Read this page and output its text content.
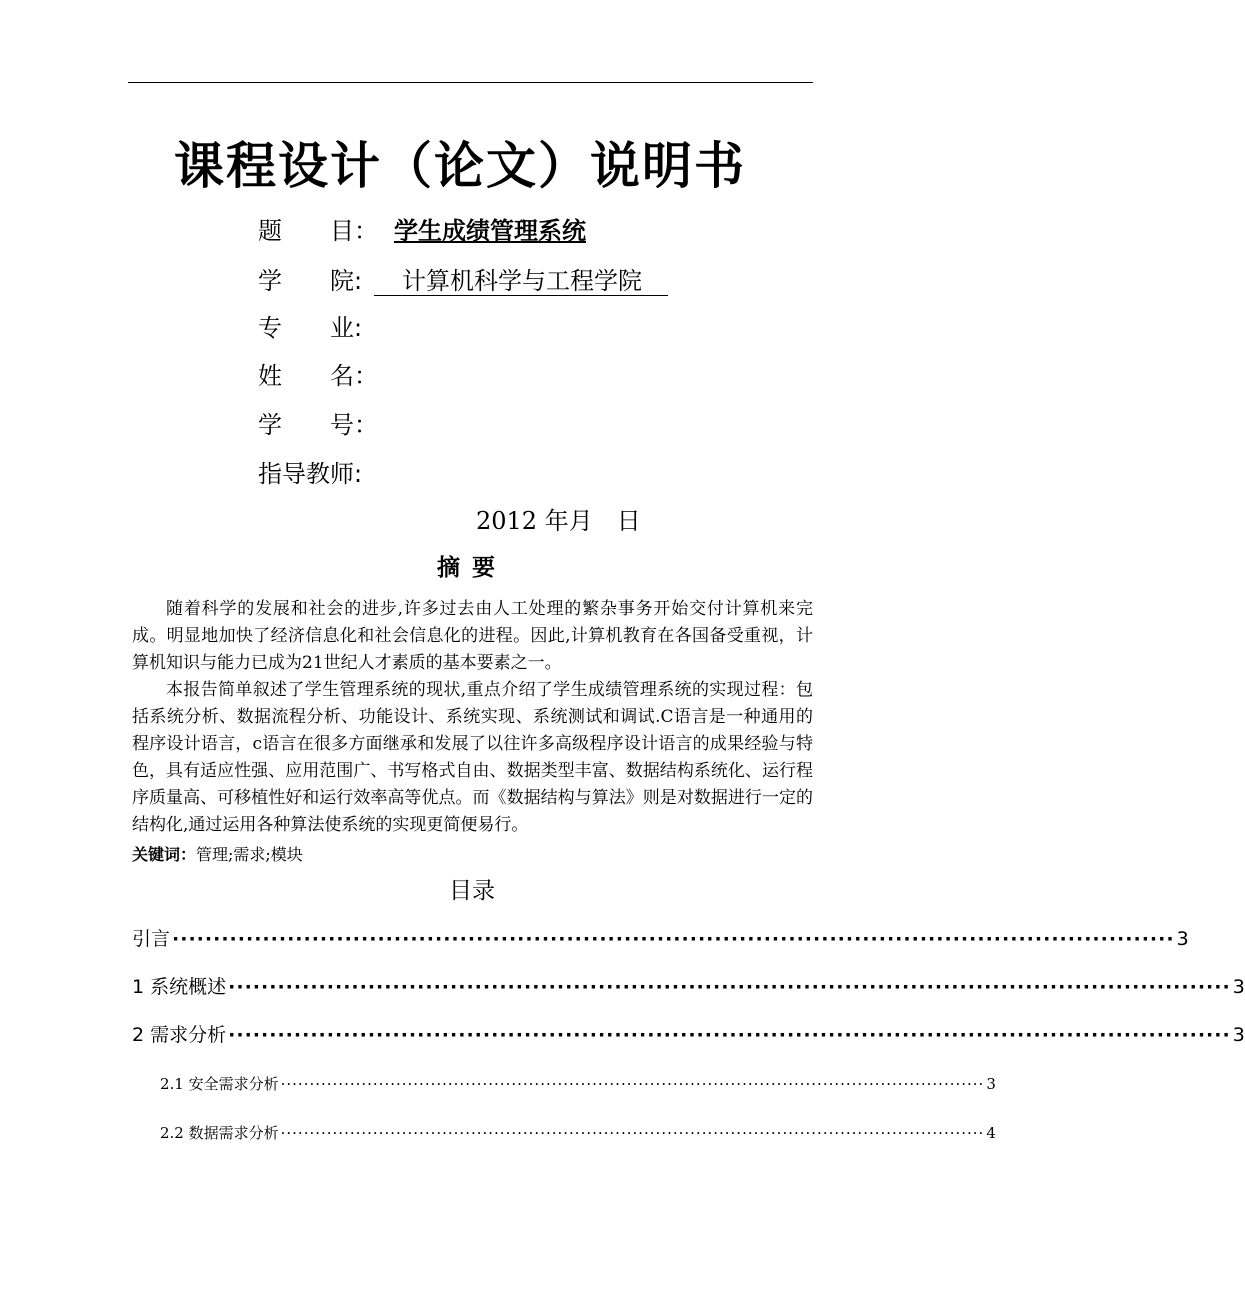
课程设计（论文）说明书
题　　目： 学生成绩管理系统
学　　院: 计算机科学与工程学院
专　　业:
姓　　名：
学　　号：
指导教师:
2012 年月　日
摘要

随着科学的发展和社会的进步,许多过去由人工处理的繁杂事务开始交付计算机来完成。明显地加快了经济信息化和社会信息化的进程。因此,计算机教育在各国备受重视，计算机知识与能力已成为21世纪人才素质的基本要素之一。

本报告简单叙述了学生管理系统的现状,重点介绍了学生成绩管理系统的实现过程：包括系统分析、数据流程分析、功能设计、系统实现、系统测试和调试.C语言是一种通用的程序设计语言，c语言在很多方面继承和发展了以往许多高级程序设计语言的成果经验与特色，具有适应性强、应用范围广、书写格式自由、数据类型丰富、数据结构系统化、运行程序质量高、可移植性好和运行效率高等优点。而《数据结构与算法》则是对数据进行一定的结构化,通过运用各种算法使系统的实现更简便易行。

关键词：管理;需求;模块
目录
引言 ·························································································································· 3
1 系统概述 ·························································································································· 3
2 需求分析 ·························································································································· 3
2.1 安全需求分析 ·························································································································· 3
2.2 数据需求分析 ·························································································································· 4
